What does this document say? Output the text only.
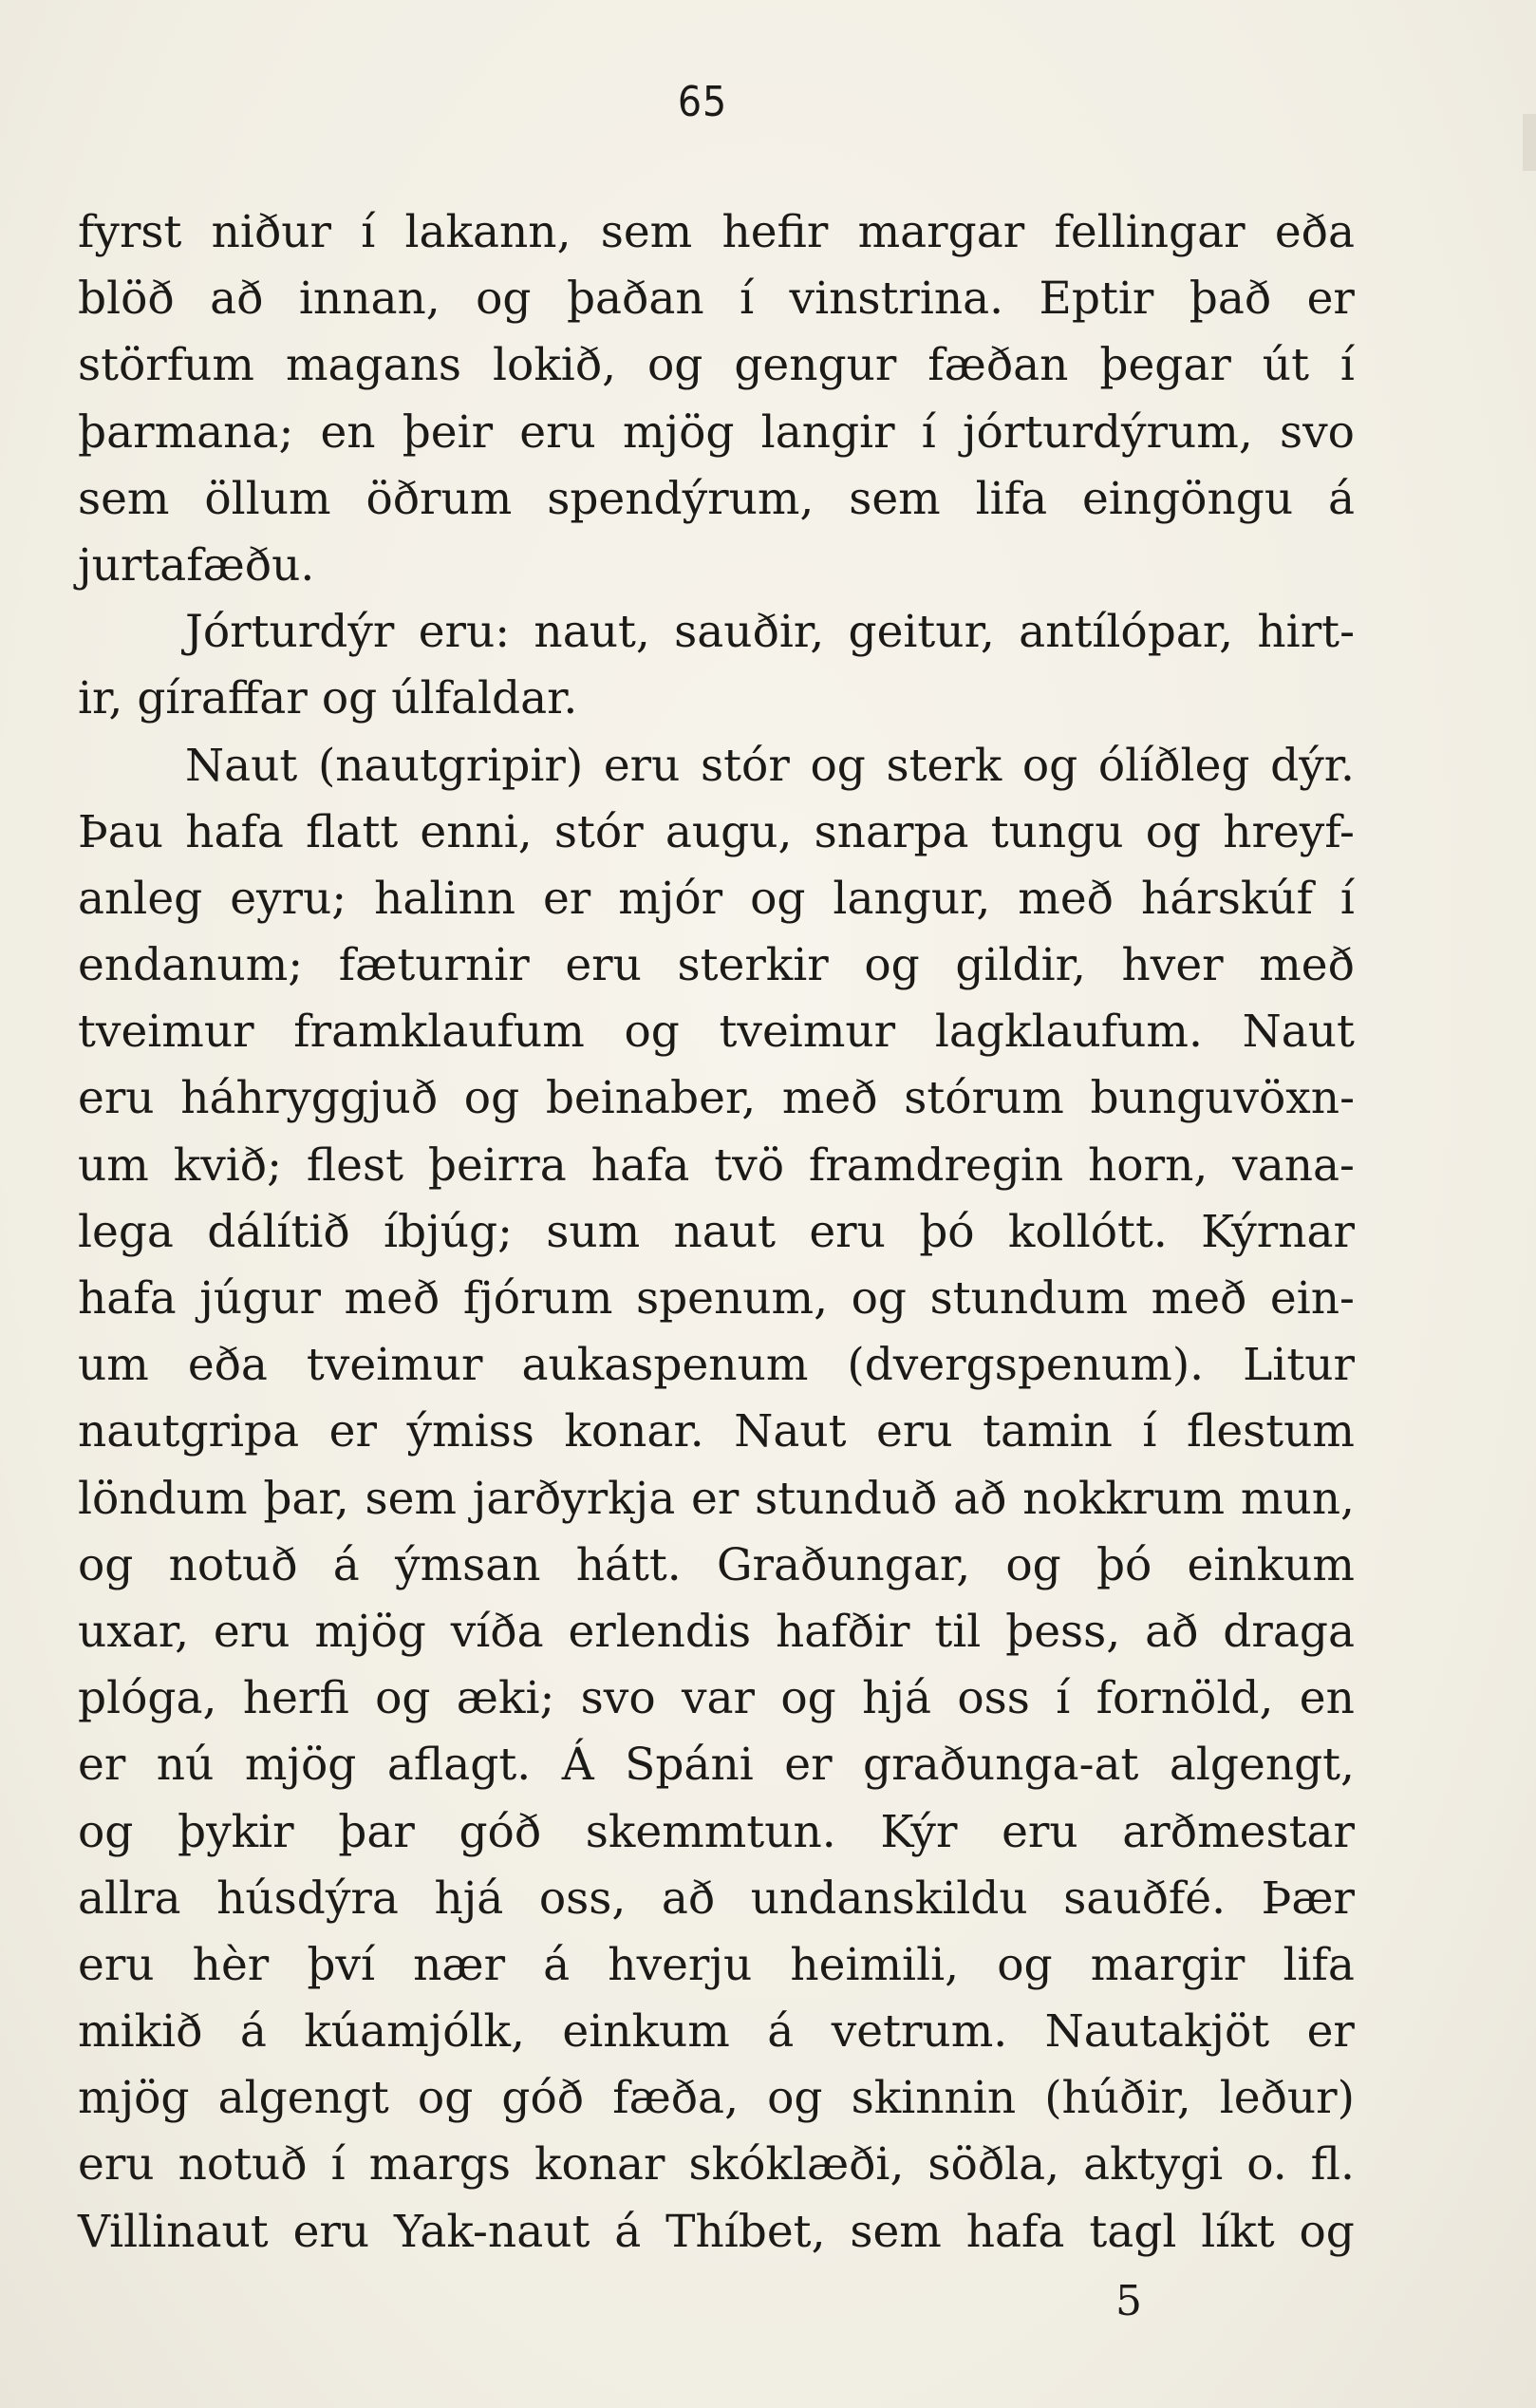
65
fyrst niður í lakann, sem hefir margar fellingar eða
blöð að innan, og þaðan í vinstrina. Eptir það er
störfum magans lokið, og gengur fæðan þegar út í
þarmana; en þeir eru mjög langir í jórturdýrum, svo
sem öllum öðrum spendýrum, sem lifa eingöngu á
jurtafæðu.
Jórturdýr eru: naut, sauðir, geitur, antílópar, hirt-
ir, gíraffar og úlfaldar.
Naut (nautgripir) eru stór og sterk og ólíðleg dýr.
Þau hafa flatt enni, stór augu, snarpa tungu og hreyf-
anleg eyru; halinn er mjór og langur, með hárskúf í
endanum; fæturnir eru sterkir og gildir, hver með
tveimur framklaufum og tveimur lagklaufum. Naut
eru háhryggjuð og beinaber, með stórum bunguvöxn-
um kvið; flest þeirra hafa tvö framdregin horn, vana-
lega dálítið íbjúg; sum naut eru þó kollótt. Kýrnar
hafa júgur með fjórum spenum, og stundum með ein-
um eða tveimur aukaspenum (dvergspenum). Litur
nautgripa er ýmiss konar. Naut eru tamin í flestum
löndum þar, sem jarðyrkja er stunduð að nokkrum mun,
og notuð á ýmsan hátt. Graðungar, og þó einkum
uxar, eru mjög víða erlendis hafðir til þess, að draga
plóga, herfi og æki; svo var og hjá oss í fornöld, en
er nú mjög aflagt. Á Spáni er graðunga-at algengt,
og þykir þar góð skemmtun. Kýr eru arðmestar
allra húsdýra hjá oss, að undanskildu sauðfé. Þær
eru hèr því nær á hverju heimili, og margir lifa
mikið á kúamjólk, einkum á vetrum. Nautakjöt er
mjög algengt og góð fæða, og skinnin (húðir, leður)
eru notuð í margs konar skóklæði, söðla, aktygi o. fl.
Villinaut eru Yak-naut á Thíbet, sem hafa tagl líkt og
5
